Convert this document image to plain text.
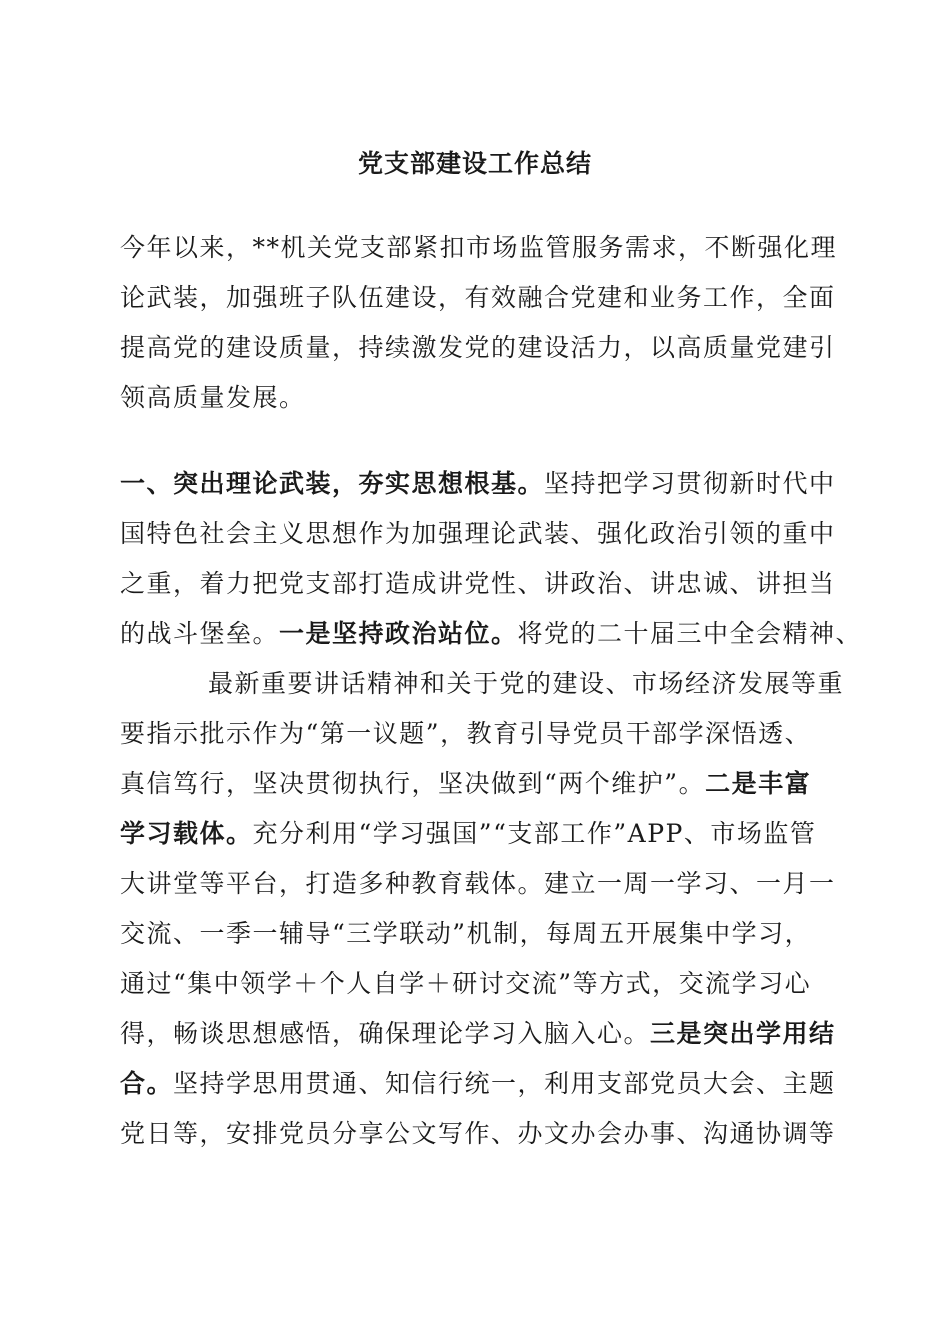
党支部建设工作总结
今年以来，**机关党支部紧扣市场监管服务需求，不断强化理
论武装，加强班子队伍建设，有效融合党建和业务工作，全面
提高党的建设质量，持续激发党的建设活力，以高质量党建引
领高质量发展。
一、突出理论武装，夯实思想根基。坚持把学习贯彻新时代中
国特色社会主义思想作为加强理论武装、强化政治引领的重中
之重，着力把党支部打造成讲党性、讲政治、讲忠诚、讲担当
的战斗堡垒。一是坚持政治站位。将党的二十届三中全会精神、
最新重要讲话精神和关于党的建设、市场经济发展等重
要指示批示作为“第一议题”，教育引导党员干部学深悟透、
真信笃行，坚决贯彻执行，坚决做到“两个维护”。二是丰富
学习载体。充分利用“学习强国”“支部工作”APP、市场监管
大讲堂等平台，打造多种教育载体。建立一周一学习、一月一
交流、一季一辅导“三学联动”机制，每周五开展集中学习，
通过“集中领学＋个人自学＋研讨交流”等方式，交流学习心
得，畅谈思想感悟，确保理论学习入脑入心。三是突出学用结
合。坚持学思用贯通、知信行统一，利用支部党员大会、主题
党日等，安排党员分享公文写作、办文办会办事、沟通协调等
